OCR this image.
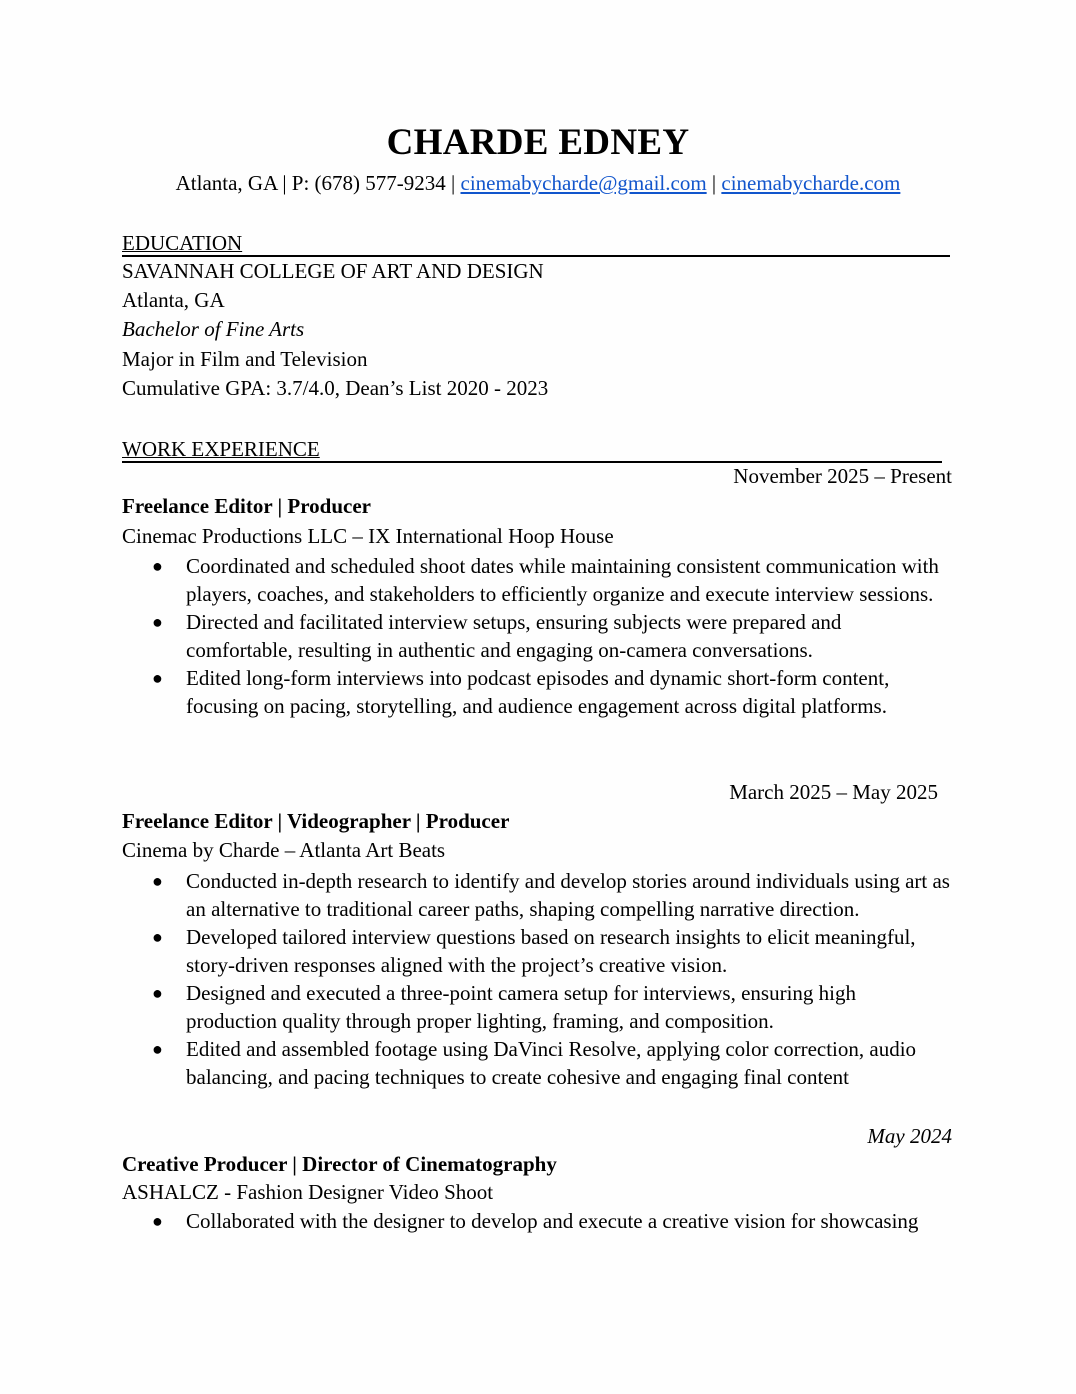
CHARDE EDNEY
Atlanta, GA | P: (678) 577-9234 | cinemabycharde@gmail.com | cinemabycharde.com
EDUCATION
SAVANNAH COLLEGE OF ART AND DESIGN
Atlanta, GA
Bachelor of Fine Arts
Major in Film and Television
Cumulative GPA: 3.7/4.0, Dean’s List 2020 - 2023
WORK EXPERIENCE
November 2025 – Present
Freelance Editor | Producer
Cinemac Productions LLC – IX International Hoop House
● Coordinated and scheduled shoot dates while maintaining consistent communication with players, coaches, and stakeholders to efficiently organize and execute interview sessions.
● Directed and facilitated interview setups, ensuring subjects were prepared and comfortable, resulting in authentic and engaging on-camera conversations.
● Edited long-form interviews into podcast episodes and dynamic short-form content, focusing on pacing, storytelling, and audience engagement across digital platforms.
March 2025 – May 2025
Freelance Editor | Videographer | Producer
Cinema by Charde – Atlanta Art Beats
● Conducted in-depth research to identify and develop stories around individuals using art as an alternative to traditional career paths, shaping compelling narrative direction.
● Developed tailored interview questions based on research insights to elicit meaningful, story-driven responses aligned with the project’s creative vision.
● Designed and executed a three-point camera setup for interviews, ensuring high production quality through proper lighting, framing, and composition.
● Edited and assembled footage using DaVinci Resolve, applying color correction, audio balancing, and pacing techniques to create cohesive and engaging final content
May 2024
Creative Producer | Director of Cinematography
ASHALCZ - Fashion Designer Video Shoot
● Collaborated with the designer to develop and execute a creative vision for showcasing
